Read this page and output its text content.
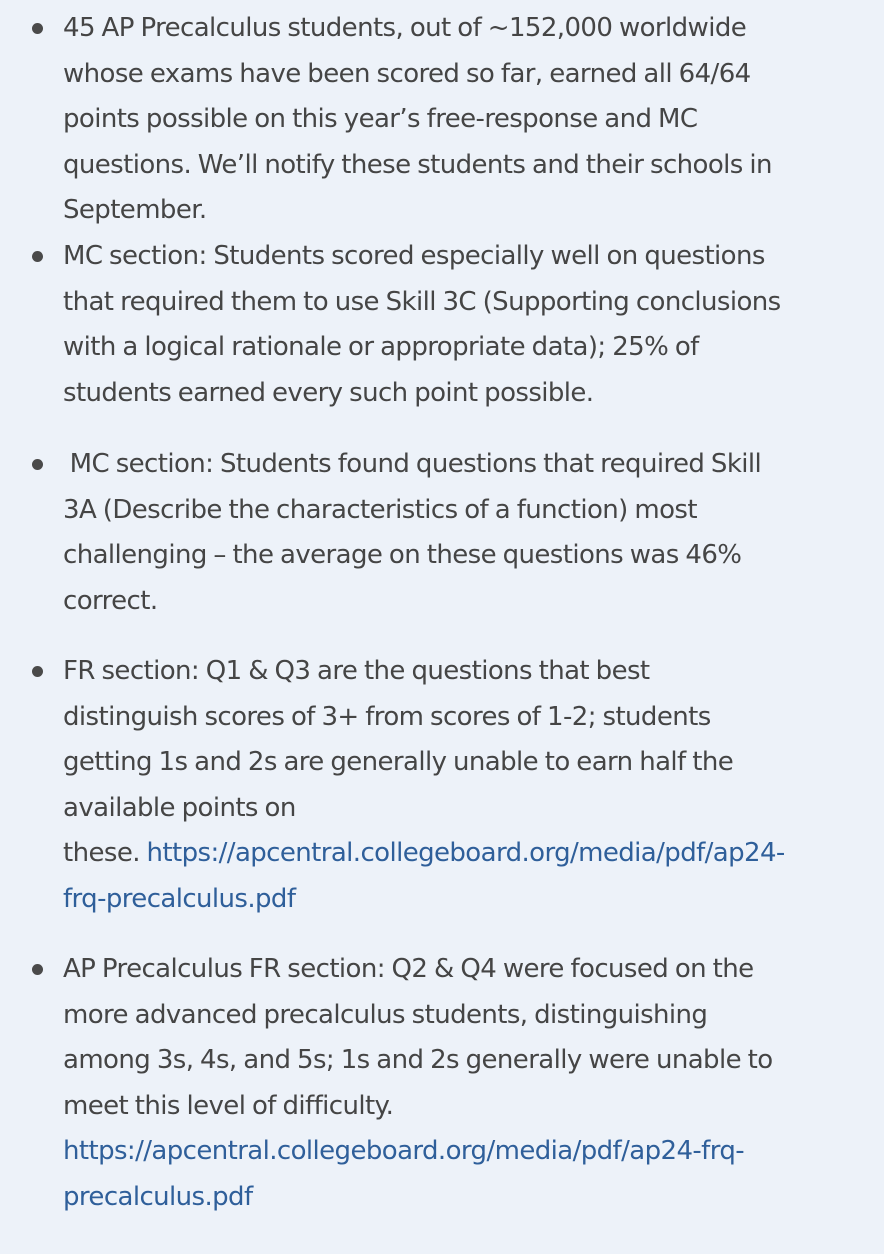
45 AP Precalculus students, out of ~152,000 worldwide
whose exams have been scored so far, earned all 64/64
points possible on this year’s free-response and MC
questions. We’ll notify these students and their schools in
September.
MC section: Students scored especially well on questions
that required them to use Skill 3C (Supporting conclusions
with a logical rationale or appropriate data); 25% of
students earned every such point possible.
MC section: Students found questions that required Skill
3A (Describe the characteristics of a function) most
challenging – the average on these questions was 46%
correct.
FR section: Q1 & Q3 are the questions that best
distinguish scores of 3+ from scores of 1-2; students
getting 1s and 2s are generally unable to earn half the
available points on
these. https://apcentral.collegeboard.org/media/pdf/ap24-
frq-precalculus.pdf
AP Precalculus FR section: Q2 & Q4 were focused on the
more advanced precalculus students, distinguishing
among 3s, 4s, and 5s; 1s and 2s generally were unable to
meet this level of difficulty.
https://apcentral.collegeboard.org/media/pdf/ap24-frq-
precalculus.pdf
